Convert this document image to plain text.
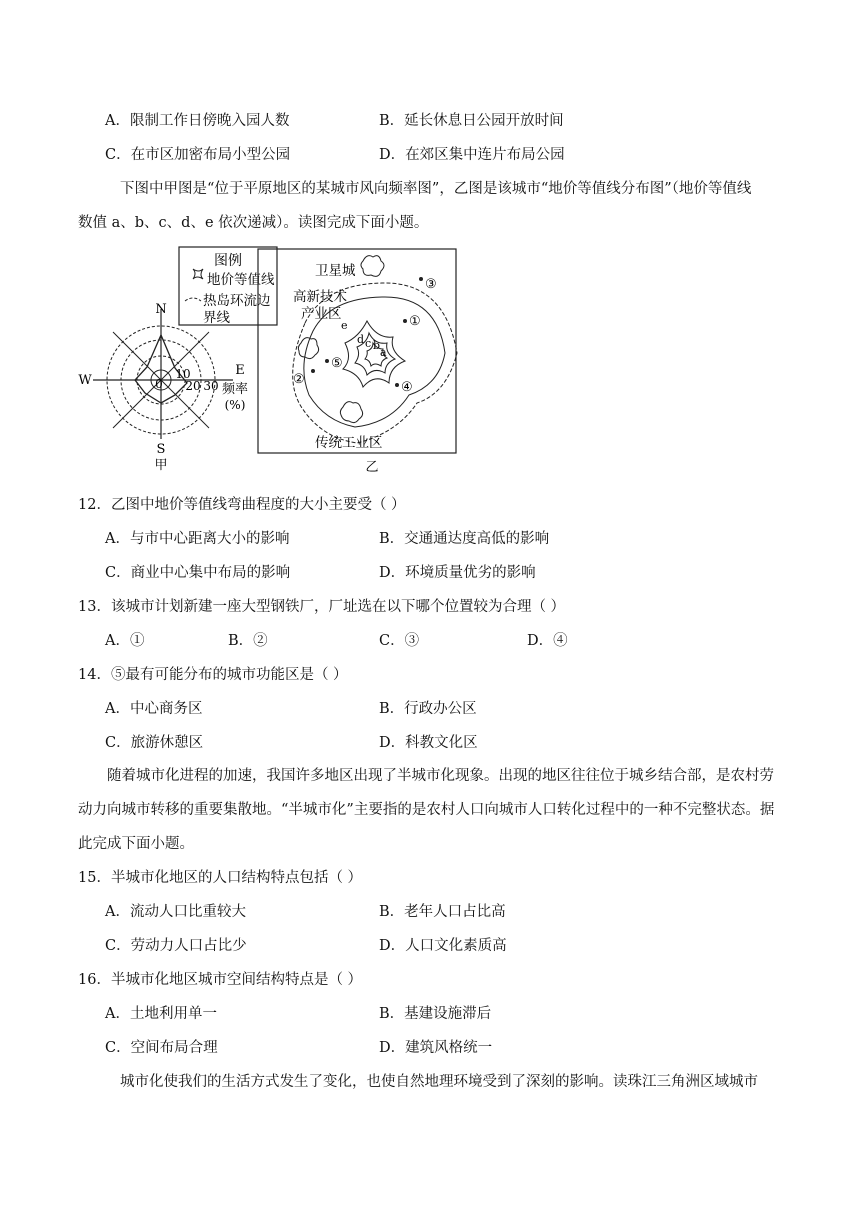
A．限制工作日傍晚入园人数	B．延长休息日公园开放时间
C．在市区加密布局小型公园	D．在郊区集中连片布局公园
下图中甲图是“位于平原地区的某城市风向频率图”，乙图是该城市“地价等值线分布图”（地价等值线
数值 a、b、c、d、e 依次递减）。读图完成下面小题。
图例
地价等值线
热岛环流边
界线
N
W
E
S
甲
0
10
20 30 频率
(%)
卫星城
高新技术
产业区
传统工业区
乙
①
②
③
④
⑤
a
b
c
d
e
12．乙图中地价等值线弯曲程度的大小主要受（ ）
A．与市中心距离大小的影响	B．交通通达度高低的影响
C．商业中心集中布局的影响	D．环境质量优劣的影响
13．该城市计划新建一座大型钢铁厂，厂址选在以下哪个位置较为合理（ ）
A．①	B．②	C．③	D．④
14．⑤最有可能分布的城市功能区是（ ）
A．中心商务区	B．行政办公区
C．旅游休憩区	D．科教文化区
随着城市化进程的加速，我国许多地区出现了半城市化现象。出现的地区往往位于城乡结合部，是农村劳动力向城市转移的重要集散地。“半城市化”主要指的是农村人口向城市人口转化过程中的一种不完整状态。据此完成下面小题。
15．半城市化地区的人口结构特点包括（ ）
A．流动人口比重较大	B．老年人口占比高
C．劳动力人口占比少	D．人口文化素质高
16．半城市化地区城市空间结构特点是（ ）
A．土地利用单一	B．基建设施滞后
C．空间布局合理	D．建筑风格统一
城市化使我们的生活方式发生了变化，也使自然地理环境受到了深刻的影响。读珠江三角洲区域城市
